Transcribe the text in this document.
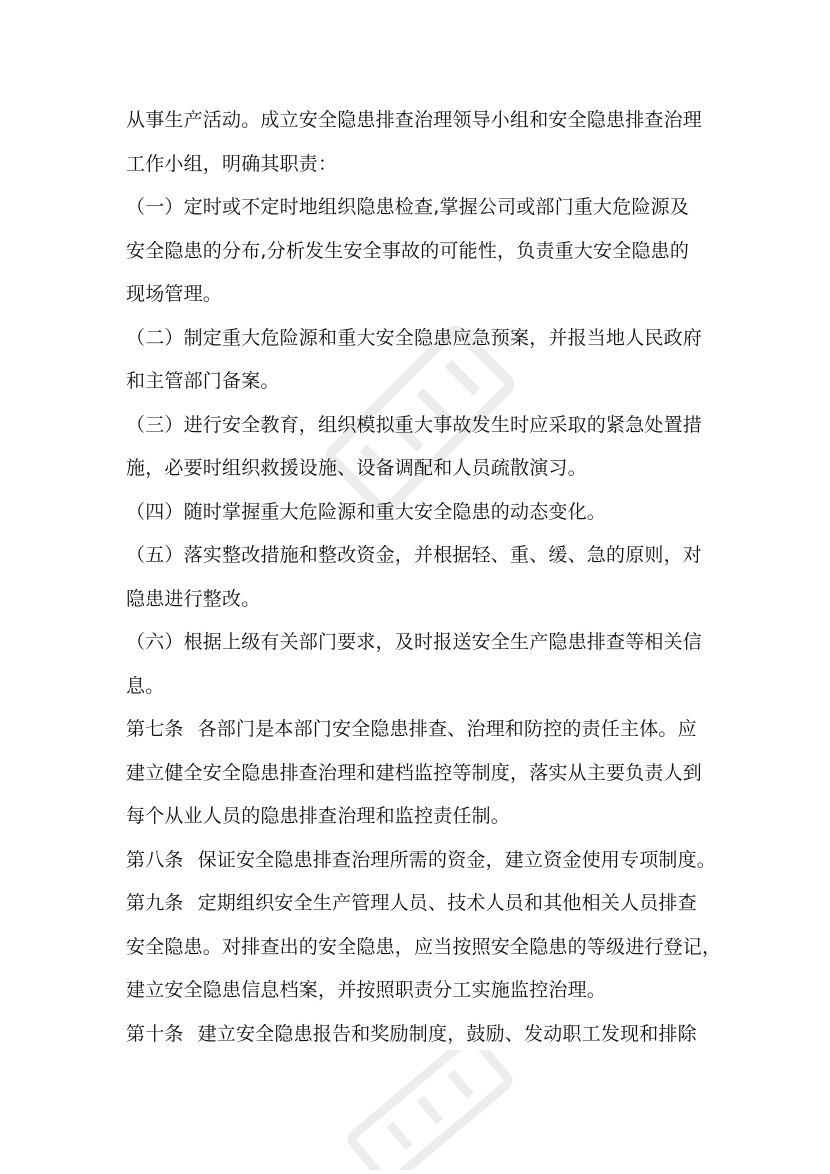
从事生产活动。成立安全隐患排查治理领导小组和安全隐患排查治理

工作小组，明确其职责：

（一）定时或不定时地组织隐患检查,掌握公司或部门重大危险源及

安全隐患的分布,分析发生安全事故的可能性，负责重大安全隐患的

现场管理。

（二）制定重大危险源和重大安全隐患应急预案，并报当地人民政府

和主管部门备案。

（三）进行安全教育，组织模拟重大事故发生时应采取的紧急处置措

施，必要时组织救援设施、设备调配和人员疏散演习。

（四）随时掌握重大危险源和重大安全隐患的动态变化。

（五）落实整改措施和整改资金，并根据轻、重、缓、急的原则，对

隐患进行整改。

（六）根据上级有关部门要求，及时报送安全生产隐患排查等相关信

息。

第七条 各部门是本部门安全隐患排查、治理和防控的责任主体。应

建立健全安全隐患排查治理和建档监控等制度，落实从主要负责人到

每个从业人员的隐患排查治理和监控责任制。

第八条 保证安全隐患排查治理所需的资金，建立资金使用专项制度。

第九条 定期组织安全生产管理人员、技术人员和其他相关人员排查

安全隐患。对排查出的安全隐患，应当按照安全隐患的等级进行登记，

建立安全隐患信息档案，并按照职责分工实施监控治理。

第十条 建立安全隐患报告和奖励制度，鼓励、发动职工发现和排除
